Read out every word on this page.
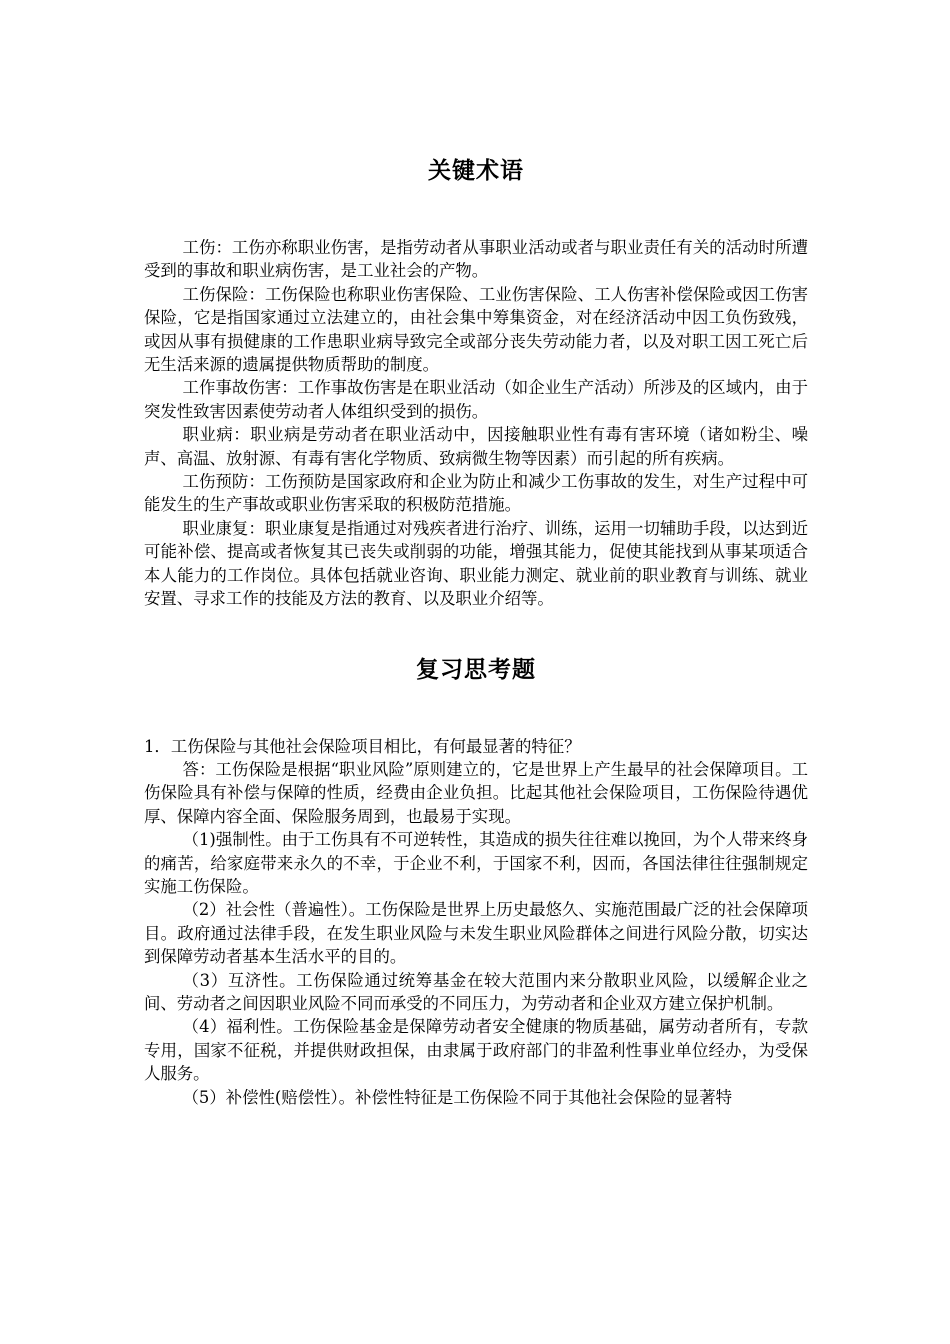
关键术语

工伤：工伤亦称职业伤害，是指劳动者从事职业活动或者与职业责任有关的活动时所遭受到的事故和职业病伤害，是工业社会的产物。

工伤保险：工伤保险也称职业伤害保险、工业伤害保险、工人伤害补偿保险或因工伤害保险，它是指国家通过立法建立的，由社会集中筹集资金，对在经济活动中因工负伤致残，或因从事有损健康的工作患职业病导致完全或部分丧失劳动能力者，以及对职工因工死亡后无生活来源的遗属提供物质帮助的制度。

工作事故伤害：工作事故伤害是在职业活动（如企业生产活动）所涉及的区域内，由于突发性致害因素使劳动者人体组织受到的损伤。

职业病：职业病是劳动者在职业活动中，因接触职业性有毒有害环境（诸如粉尘、噪声、高温、放射源、有毒有害化学物质、致病微生物等因素）而引起的所有疾病。

工伤预防：工伤预防是国家政府和企业为防止和减少工伤事故的发生，对生产过程中可能发生的生产事故或职业伤害采取的积极防范措施。

职业康复：职业康复是指通过对残疾者进行治疗、训练，运用一切辅助手段，以达到近可能补偿、提高或者恢复其已丧失或削弱的功能，增强其能力，促使其能找到从事某项适合本人能力的工作岗位。具体包括就业咨询、职业能力测定、就业前的职业教育与训练、就业安置、寻求工作的技能及方法的教育、以及职业介绍等。

复习思考题

1．工伤保险与其他社会保险项目相比，有何最显著的特征？

答：工伤保险是根据“职业风险”原则建立的，它是世界上产生最早的社会保障项目。工伤保险具有补偿与保障的性质，经费由企业负担。比起其他社会保险项目，工伤保险待遇优厚、保障内容全面、保险服务周到，也最易于实现。

（1)强制性。由于工伤具有不可逆转性，其造成的损失往往难以挽回，为个人带来终身的痛苦，给家庭带来永久的不幸，于企业不利，于国家不利，因而，各国法律往往强制规定实施工伤保险。

（2）社会性（普遍性）。工伤保险是世界上历史最悠久、实施范围最广泛的社会保障项目。政府通过法律手段，在发生职业风险与未发生职业风险群体之间进行风险分散，切实达到保障劳动者基本生活水平的目的。

（3）互济性。工伤保险通过统筹基金在较大范围内来分散职业风险，以缓解企业之间、劳动者之间因职业风险不同而承受的不同压力，为劳动者和企业双方建立保护机制。

（4）福利性。工伤保险基金是保障劳动者安全健康的物质基础，属劳动者所有，专款专用，国家不征税，并提供财政担保，由隶属于政府部门的非盈利性事业单位经办，为受保人服务。

（5）补偿性(赔偿性）。补偿性特征是工伤保险不同于其他社会保险的显著特
